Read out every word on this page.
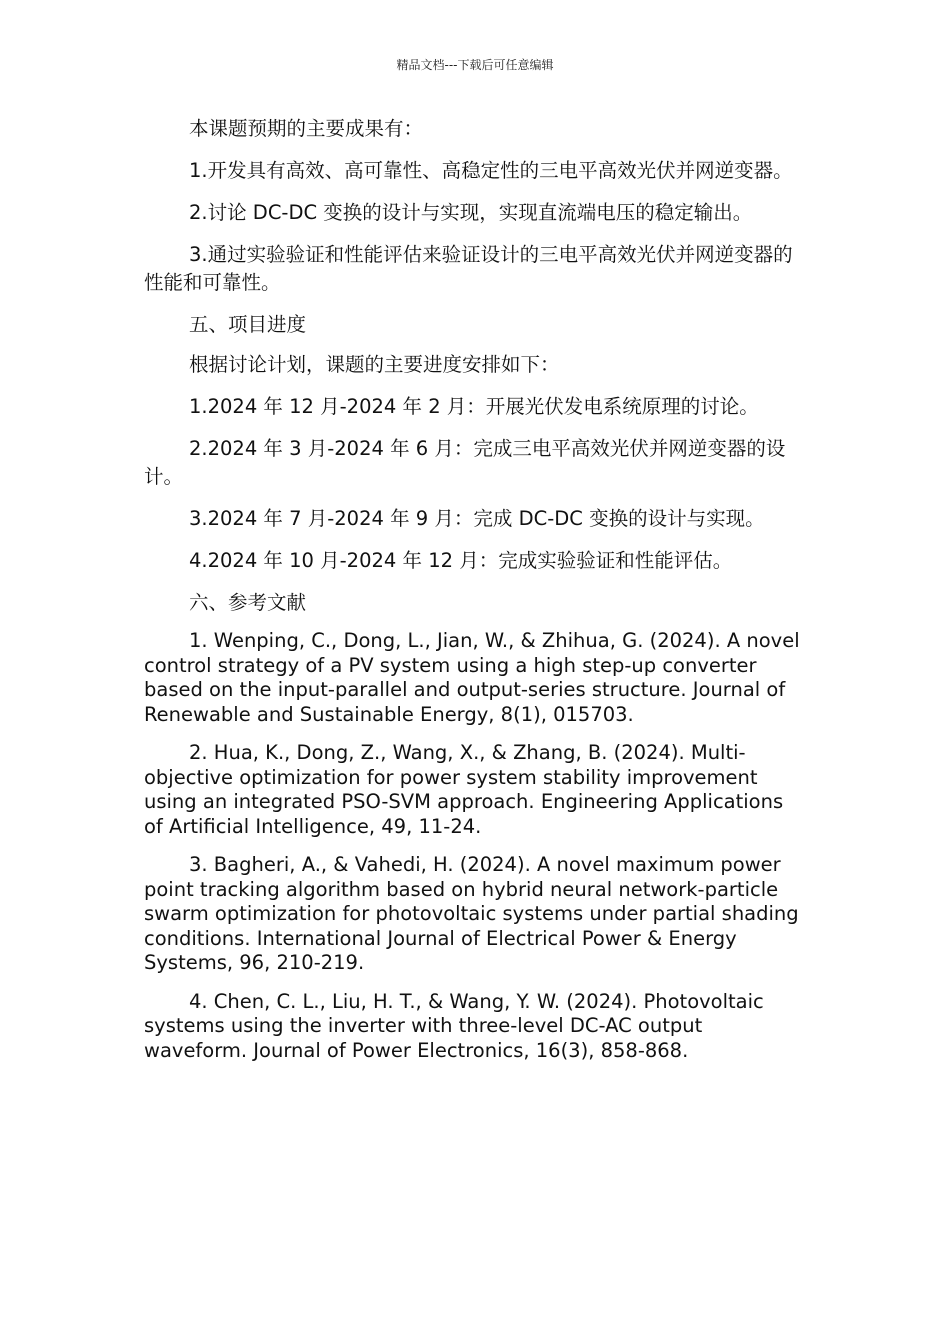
精品文档---下载后可任意编辑

本课题预期的主要成果有：

1.开发具有高效、高可靠性、高稳定性的三电平高效光伏并网逆变器。

2.讨论 DC-DC 变换的设计与实现，实现直流端电压的稳定输出。

3.通过实验验证和性能评估来验证设计的三电平高效光伏并网逆变器的性能和可靠性。

五、项目进度

根据讨论计划，课题的主要进度安排如下：

1.2024 年 12 月-2024 年 2 月：开展光伏发电系统原理的讨论。

2.2024 年 3 月-2024 年 6 月：完成三电平高效光伏并网逆变器的设计。

3.2024 年 7 月-2024 年 9 月：完成 DC-DC 变换的设计与实现。

4.2024 年 10 月-2024 年 12 月：完成实验验证和性能评估。

六、参考文献

1. Wenping, C., Dong, L., Jian, W., & Zhihua, G. (2024). A novel control strategy of a PV system using a high step-up converter based on the input-parallel and output-series structure. Journal of Renewable and Sustainable Energy, 8(1), 015703.

2. Hua, K., Dong, Z., Wang, X., & Zhang, B. (2024). Multi-objective optimization for power system stability improvement using an integrated PSO-SVM approach. Engineering Applications of Artificial Intelligence, 49, 11-24.

3. Bagheri, A., & Vahedi, H. (2024). A novel maximum power point tracking algorithm based on hybrid neural network-particle swarm optimization for photovoltaic systems under partial shading conditions. International Journal of Electrical Power & Energy Systems, 96, 210-219.

4. Chen, C. L., Liu, H. T., & Wang, Y. W. (2024). Photovoltaic systems using the inverter with three-level DC-AC output waveform. Journal of Power Electronics, 16(3), 858-868.
